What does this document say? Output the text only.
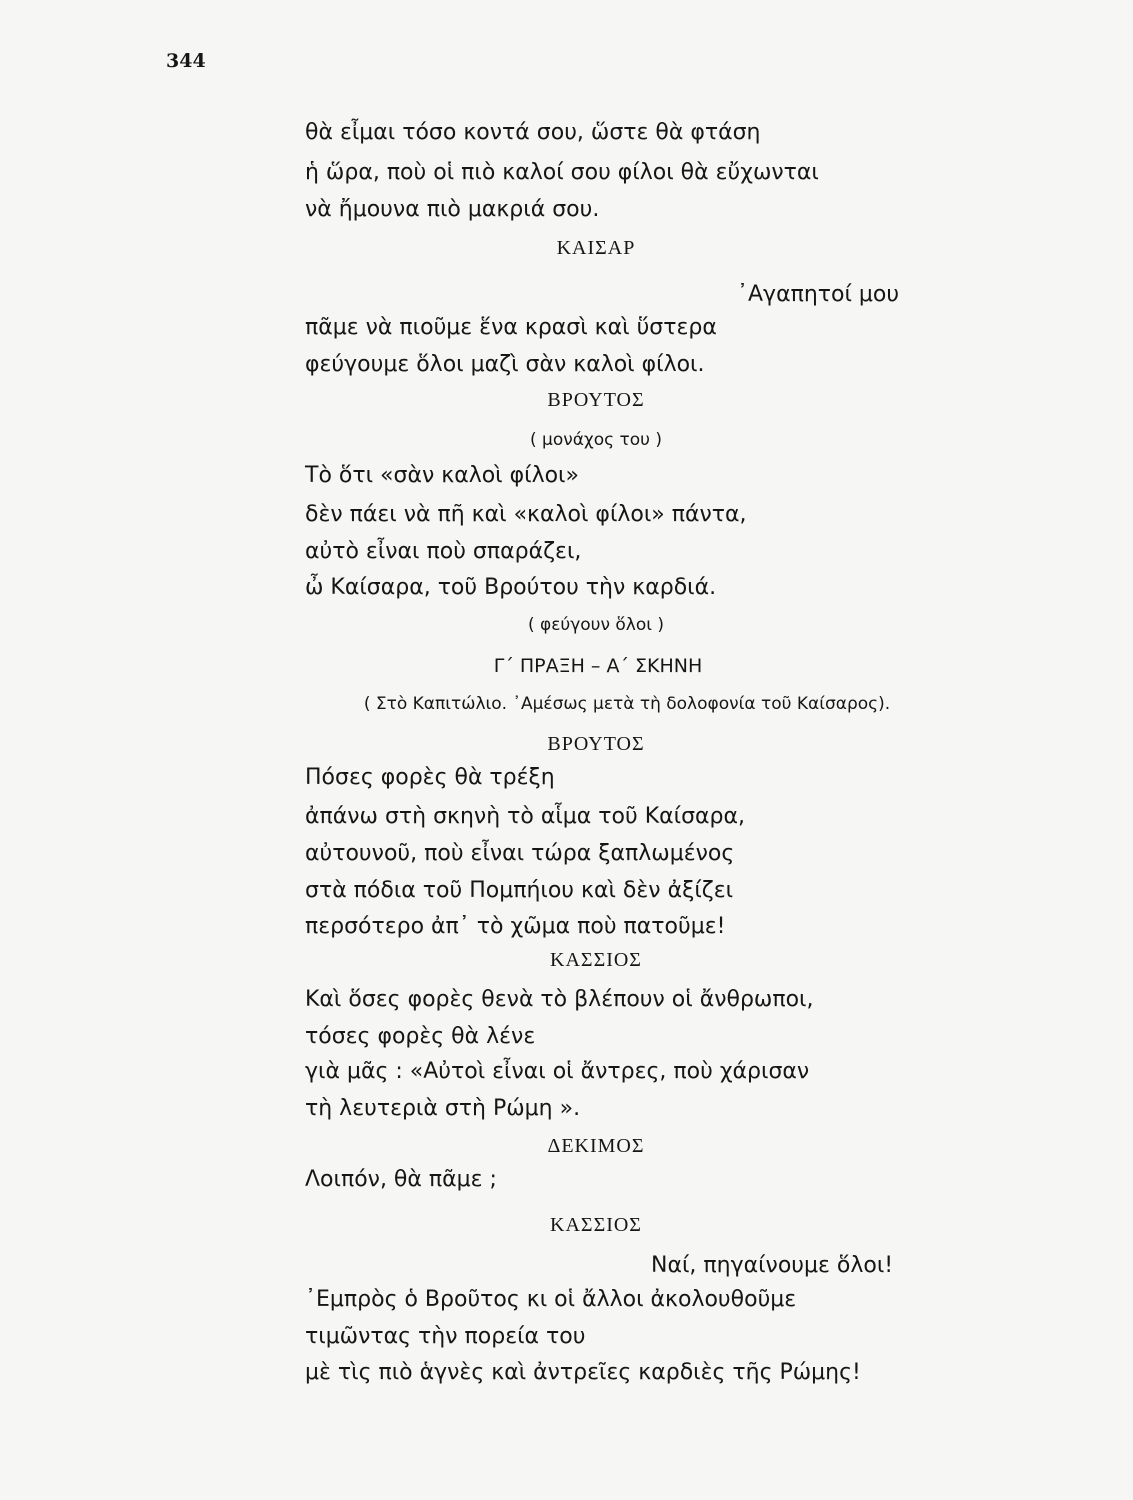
344
θὰ εἶμαι τόσο κοντά σου, ὥστε θὰ φτάση
ἡ ὥρα, ποὺ οἱ πιὸ καλοί σου φίλοι θὰ εὔχωνται
νὰ ἤμουνα πιὸ μακριά σου.
ΚΑΙΣΑΡ
᾿Αγαπητοί μου
πᾶμε νὰ πιοῦμε ἕνα κρασὶ καὶ ὕστερα
φεύγουμε ὅλοι μαζὶ σὰν καλοὶ φίλοι.
ΒΡΟΥΤΟΣ
( μονάχος του )
Τὸ ὅτι «σὰν καλοὶ φίλοι»
δὲν πάει νὰ πῆ καὶ «καλοὶ φίλοι» πάντα,
αὐτὸ εἶναι ποὺ σπαράζει,
ὦ Καίσαρα, τοῦ Βρούτου τὴν καρδιά.
( φεύγουν ὅλοι )
Γ΄ ΠΡΑΞΗ – Α΄ ΣΚΗΝΗ
( Στὸ Καπιτώλιο. ᾿Αμέσως μετὰ τὴ δολοφονία τοῦ Καίσαρος).
ΒΡΟΥΤΟΣ
Πόσες φορὲς θὰ τρέξη
ἀπάνω στὴ σκηνὴ τὸ αἷμα τοῦ Καίσαρα,
αὐτουνοῦ, ποὺ εἶναι τώρα ξαπλωμένος
στὰ πόδια τοῦ Πομπήιου καὶ δὲν ἀξίζει
περσότερο ἀπ᾿ τὸ χῶμα ποὺ πατοῦμε!
ΚΑΣΣΙΟΣ
Καὶ ὅσες φορὲς θενὰ τὸ βλέπουν οἱ ἄνθρωποι,
τόσες φορὲς θὰ λένε
γιὰ μᾶς : «Αὐτοὶ εἶναι οἱ ἄντρες, ποὺ χάρισαν
τὴ λευτεριὰ στὴ Ρώμη ».
ΔΕΚΙΜΟΣ
Λοιπόν, θὰ πᾶμε ;
ΚΑΣΣΙΟΣ
Ναί, πηγαίνουμε ὅλοι!
᾿Εμπρὸς ὁ Βροῦτος κι οἱ ἄλλοι ἀκολουθοῦμε
τιμῶντας τὴν πορεία του
μὲ τὶς πιὸ ἁγνὲς καὶ ἀντρεῖες καρδιὲς τῆς Ρώμης!
